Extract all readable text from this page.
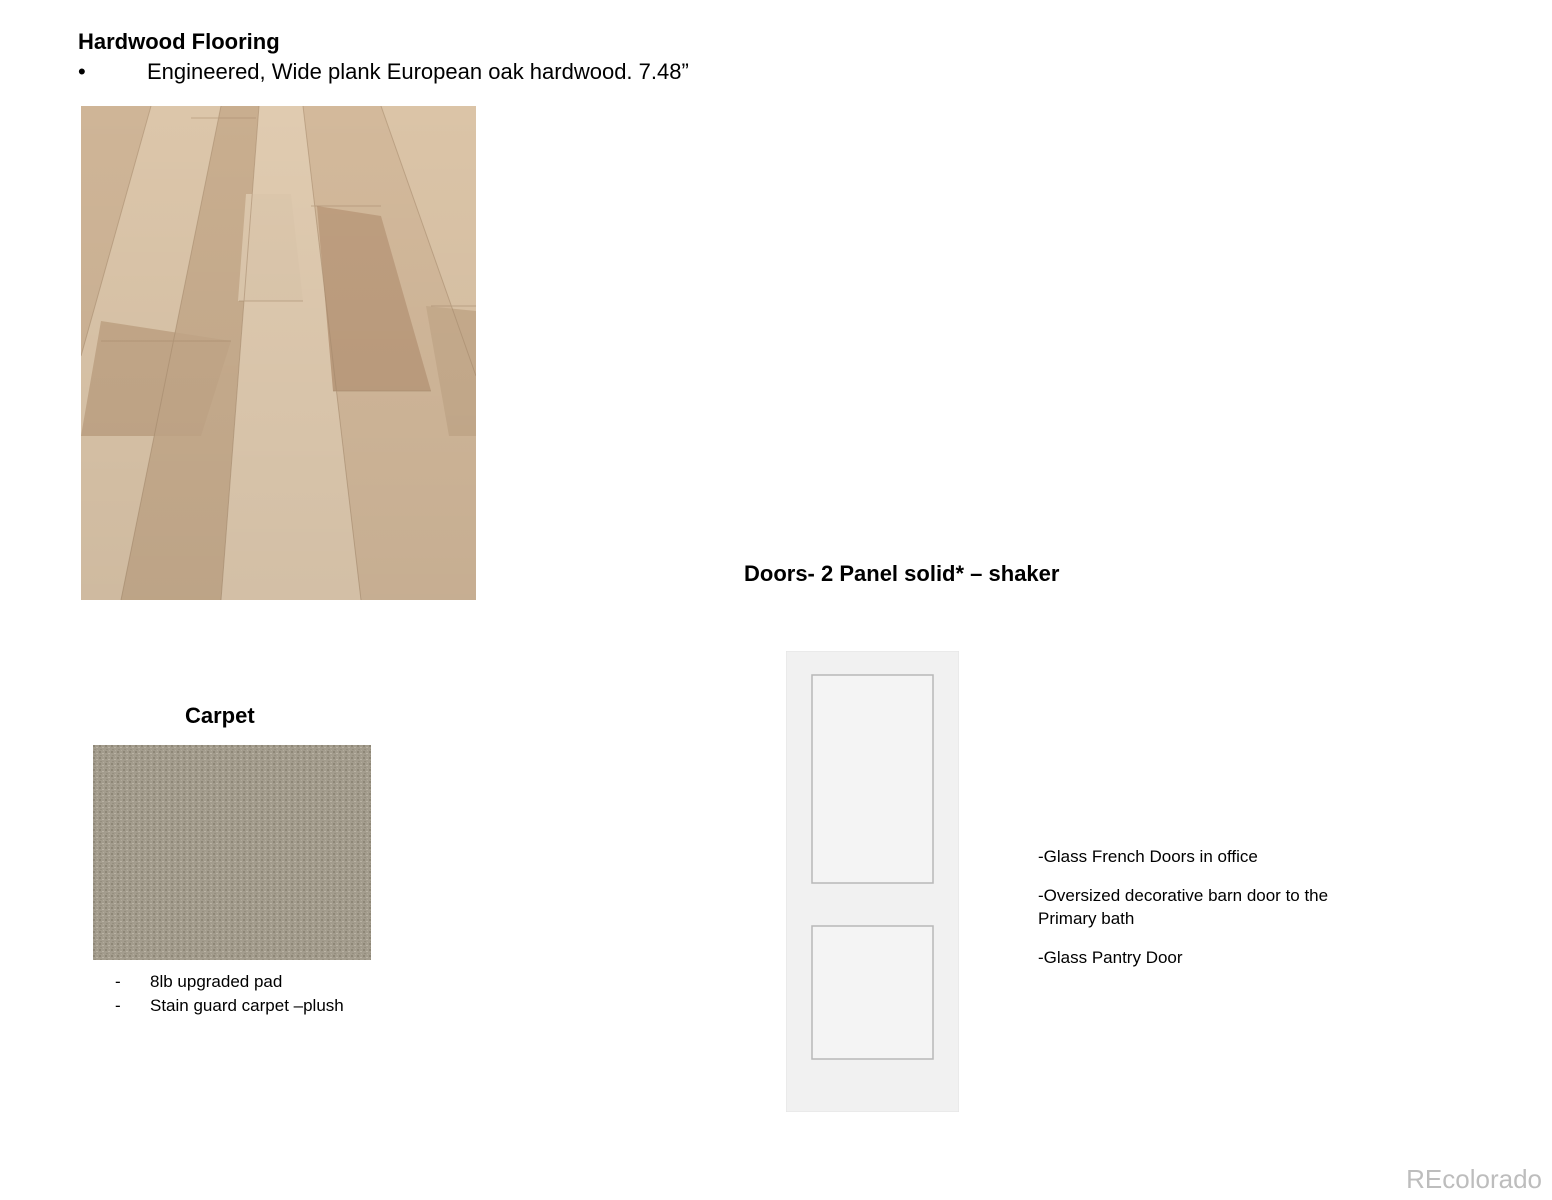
Hardwood Flooring
•	Engineered, Wide plank European oak hardwood. 7.48”
Carpet
- 8lb upgraded pad
- Stain guard carpet –plush
Doors- 2 Panel solid* – shaker

-Glass French Doors in office

-Oversized decorative barn door to the Primary bath

-Glass Pantry Door

REcolorado
